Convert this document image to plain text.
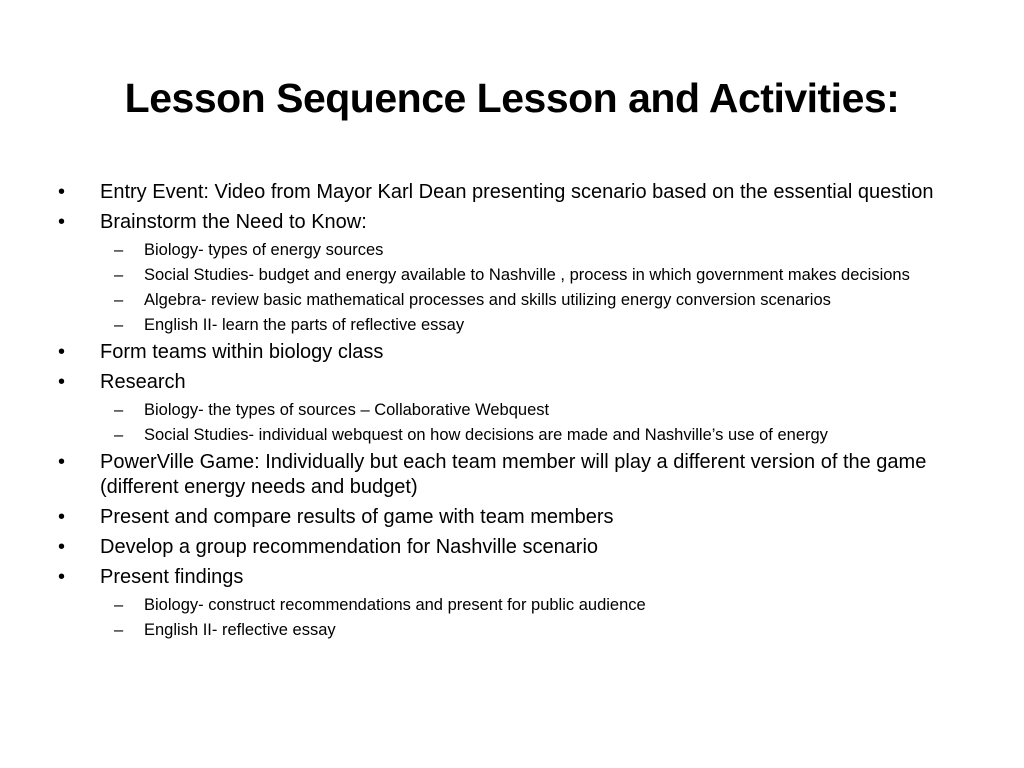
Lesson Sequence Lesson and Activities:
•	Entry Event: Video from Mayor Karl Dean presenting scenario based on the essential question
•	Brainstorm the Need to Know:
–	Biology- types of energy sources
–	Social Studies- budget and energy available to Nashville , process in which government makes decisions
–	Algebra- review basic mathematical processes and skills utilizing energy conversion scenarios
–	English II- learn the parts of reflective essay
•	Form teams within biology class
•	Research
–	Biology- the types of sources – Collaborative Webquest
–	Social Studies- individual webquest on how decisions are made and Nashville’s use of energy
•	PowerVille Game: Individually but each team member will play a different version of the game (different energy needs and budget)
•	Present and compare results of game with team members
•	Develop a group recommendation for Nashville scenario
•	Present findings
–	Biology- construct recommendations and present for public audience
–	English II- reflective essay
